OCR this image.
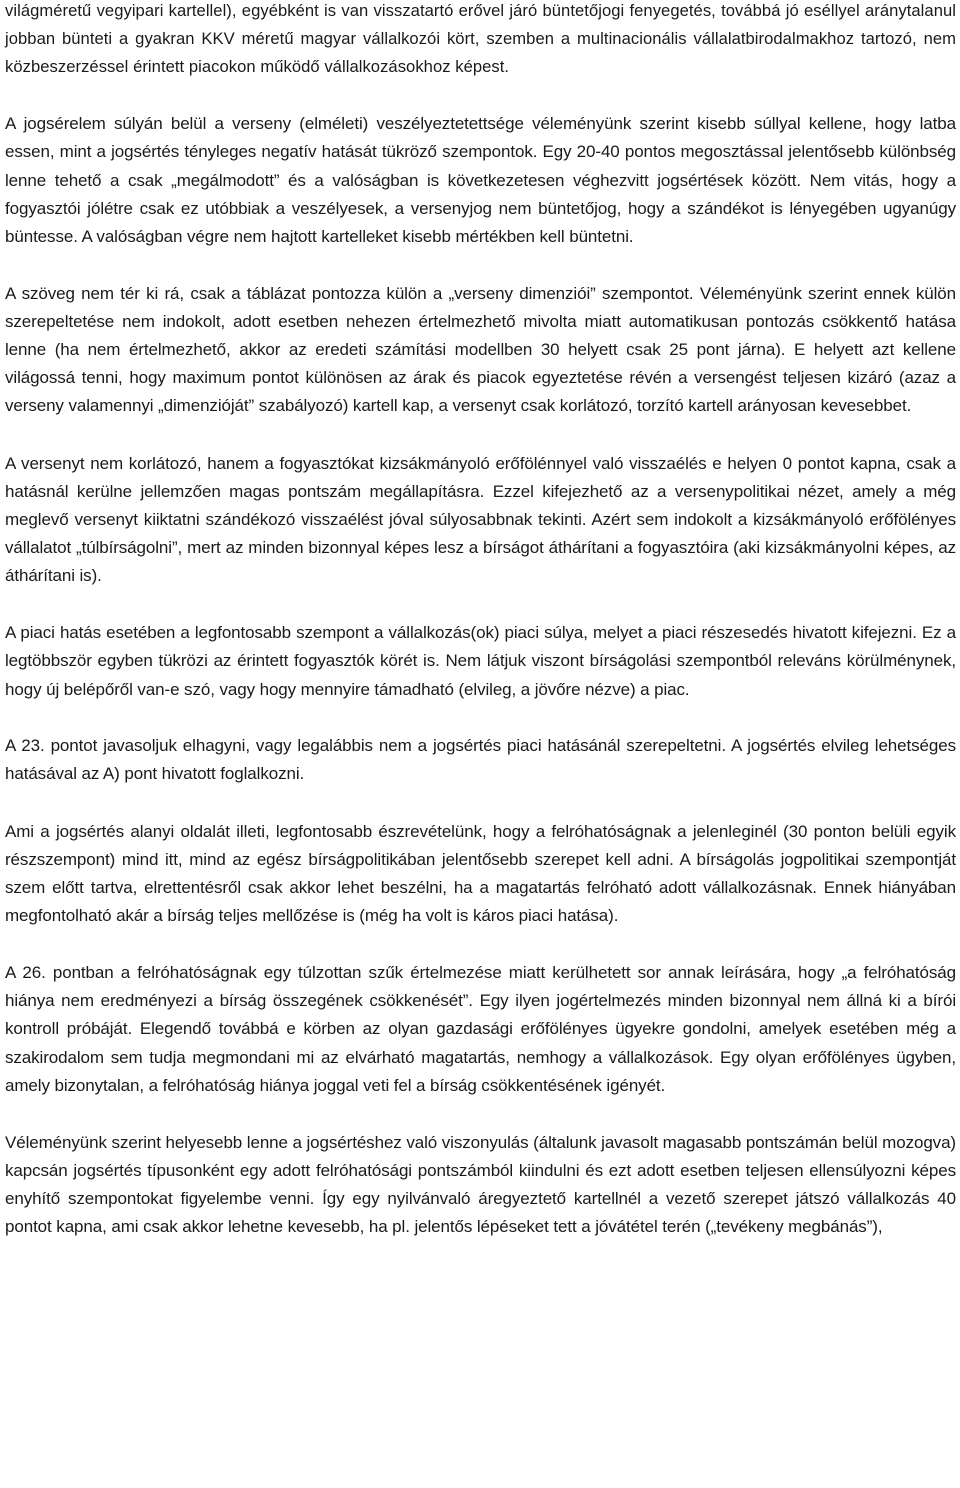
világméretű vegyipari kartellel), egyébként is van visszatartó erővel járó büntetőjogi fenyegetés, továbbá jó eséllyel aránytalanul jobban bünteti a gyakran KKV méretű magyar vállalkozói kört, szemben a multinacionális vállalatbirodalmakhoz tartozó, nem közbeszerzéssel érintett piacokon működő vállalkozásokhoz képest.

A jogsérelem súlyán belül a verseny (elméleti) veszélyeztetettsége véleményünk szerint kisebb súllyal kellene, hogy latba essen, mint a jogsértés tényleges negatív hatását tükröző szempontok. Egy 20-40 pontos megosztással jelentősebb különbség lenne tehető a csak „megálmodott” és a valóságban is következetesen véghezvitt jogsértések között. Nem vitás, hogy a fogyasztói jólétre csak ez utóbbiak a veszélyesek, a versenyjog nem büntetőjog, hogy a szándékot is lényegében ugyanúgy büntesse. A valóságban végre nem hajtott kartelleket kisebb mértékben kell büntetni.

A szöveg nem tér ki rá, csak a táblázat pontozza külön a „verseny dimenziói” szempontot. Véleményünk szerint ennek külön szerepeltetése nem indokolt, adott esetben nehezen értelmezhető mivolta miatt automatikusan pontozás csökkentő hatása lenne (ha nem értelmezhető, akkor az eredeti számítási modellben 30 helyett csak 25 pont járna). E helyett azt kellene világossá tenni, hogy maximum pontot különösen az árak és piacok egyeztetése révén a versengést teljesen kizáró (azaz a verseny valamennyi „dimenzióját” szabályozó) kartell kap, a versenyt csak korlátozó, torzító kartell arányosan kevesebbet.

A versenyt nem korlátozó, hanem a fogyasztókat kizsákmányoló erőfölénnyel való visszaélés e helyen 0 pontot kapna, csak a hatásnál kerülne jellemzően magas pontszám megállapításra. Ezzel kifejezhető az a versenypolitikai nézet, amely a még meglevő versenyt kiiktatni szándékozó visszaélést jóval súlyosabbnak tekinti. Azért sem indokolt a kizsákmányoló erőfölényes vállalatot „túlbírságolni”, mert az minden bizonnyal képes lesz a bírságot áthárítani a fogyasztóira (aki kizsákmányolni képes, az áthárítani is).

A piaci hatás esetében a legfontosabb szempont a vállalkozás(ok) piaci súlya, melyet a piaci részesedés hivatott kifejezni. Ez a legtöbbször egyben tükrözi az érintett fogyasztók körét is. Nem látjuk viszont bírságolási szempontból releváns körülménynek, hogy új belépőről van-e szó, vagy hogy mennyire támadható (elvileg, a jövőre nézve) a piac.

A 23. pontot javasoljuk elhagyni, vagy legalábbis nem a jogsértés piaci hatásánál szerepeltetni. A jogsértés elvileg lehetséges hatásával az A) pont hivatott foglalkozni.

Ami a jogsértés alanyi oldalát illeti, legfontosabb észrevételünk, hogy a felróhatóságnak a jelenleginél (30 ponton belüli egyik részszempont) mind itt, mind az egész bírságpolitikában jelentősebb szerepet kell adni. A bírságolás jogpolitikai szempontját szem előtt tartva, elrettentésről csak akkor lehet beszélni, ha a magatartás felróható adott vállalkozásnak. Ennek hiányában megfontolható akár a bírság teljes mellőzése is (még ha volt is káros piaci hatása).

A 26. pontban a felróhatóságnak egy túlzottan szűk értelmezése miatt kerülhetett sor annak leírására, hogy „a felróhatóság hiánya nem eredményezi a bírság összegének csökkenését”. Egy ilyen jogértelmezés minden bizonnyal nem állná ki a bírói kontroll próbáját. Elegendő továbbá e körben az olyan gazdasági erőfölényes ügyekre gondolni, amelyek esetében még a szakirodalom sem tudja megmondani mi az elvárható magatartás, nemhogy a vállalkozások. Egy olyan erőfölényes ügyben, amely bizonytalan, a felróhatóság hiánya joggal veti fel a bírság csökkentésének igényét.

Véleményünk szerint helyesebb lenne a jogsértéshez való viszonyulás (általunk javasolt magasabb pontszámán belül mozogva) kapcsán jogsértés típusonként egy adott felróhatósági pontszámból kiindulni és ezt adott esetben teljesen ellensúlyozni képes enyhítő szempontokat figyelembe venni. Így egy nyilvánvaló áregyeztető kartellnél a vezető szerepet játszó vállalkozás 40 pontot kapna, ami csak akkor lehetne kevesebb, ha pl. jelentős lépéseket tett a jóvátétel terén („tevékeny megbánás”),
